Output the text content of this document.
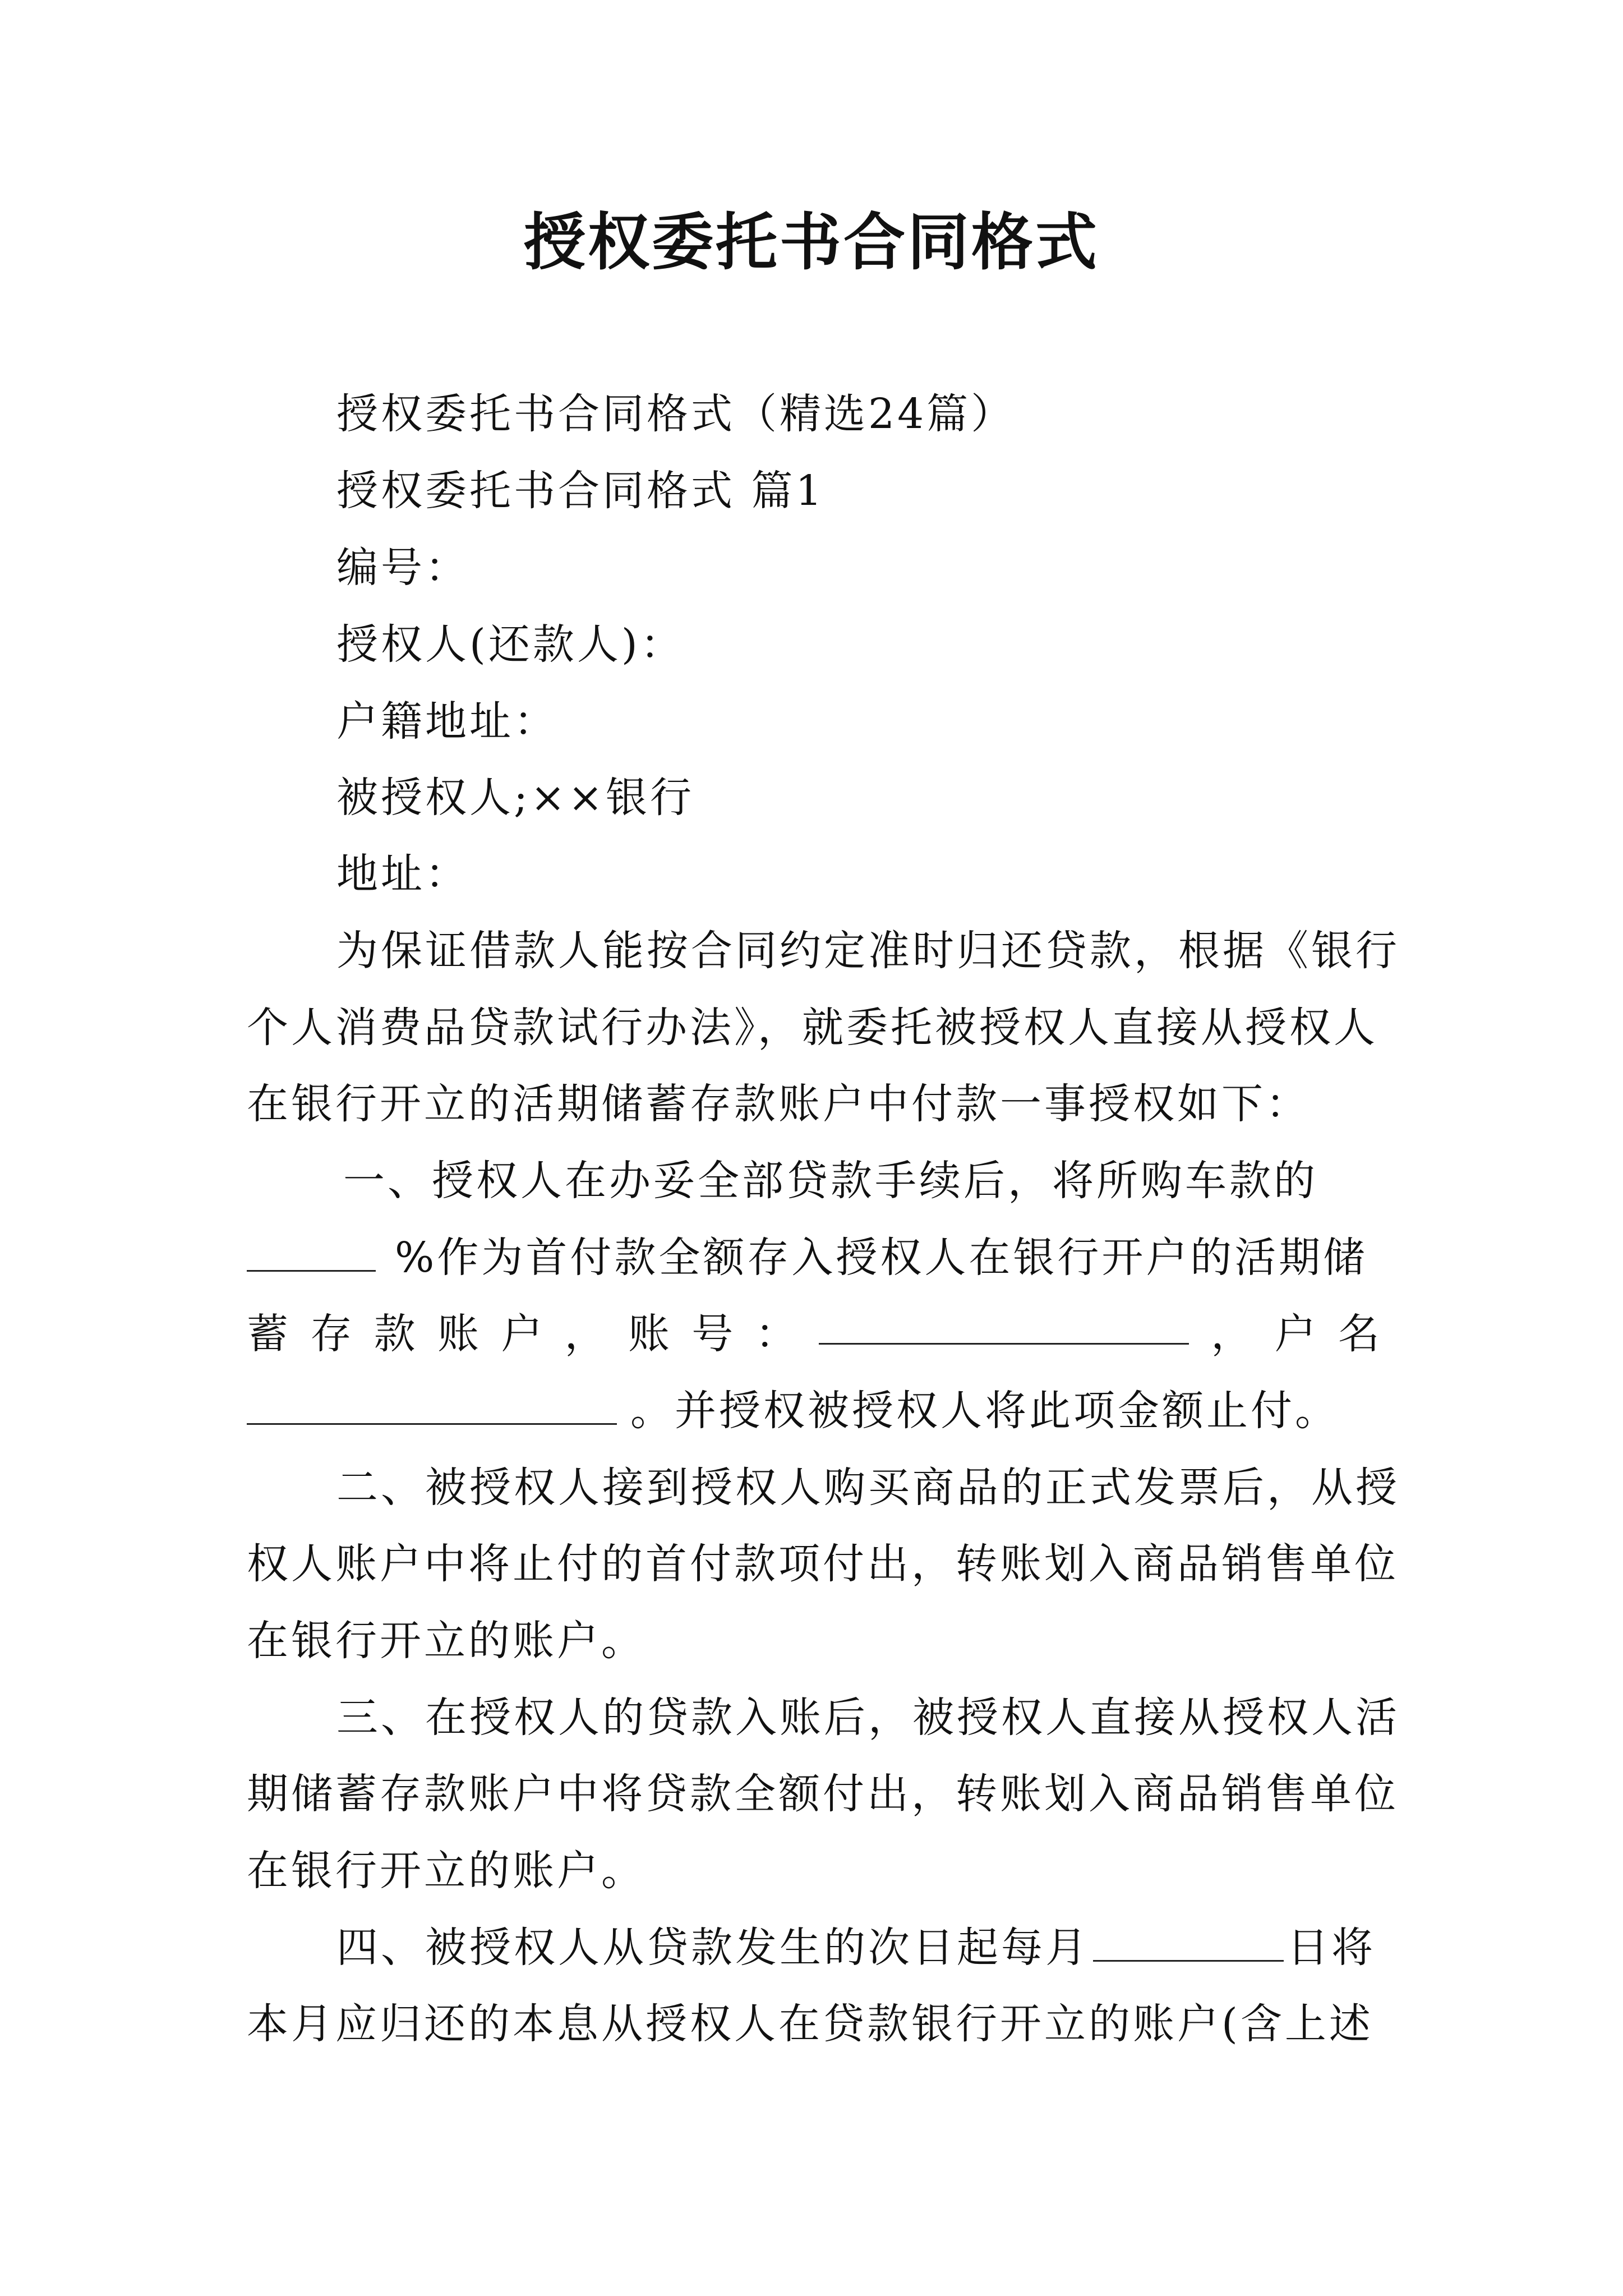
授权委托书合同格式
授权委托书合同格式（精选24篇）
授权委托书合同格式 篇1
编号：
授权人(还款人)：
户籍地址：
被授权人;××银行
地址：
为保证借款人能按合同约定准时归还贷款，根据《银行
个人消费品贷款试行办法》，就委托被授权人直接从授权人
在银行开立的活期储蓄存款账户中付款一事授权如下：
一、授权人在办妥全部贷款手续后，将所购车款的
%作为首付款全额存入授权人在银行开户的活期储
蓄 存 款 账 户 ， 账 号 ：	， 户 名
。并授权被授权人将此项金额止付。
二、被授权人接到授权人购买商品的正式发票后，从授
权人账户中将止付的首付款项付出，转账划入商品销售单位
在银行开立的账户。
三、在授权人的贷款入账后，被授权人直接从授权人活
期储蓄存款账户中将贷款全额付出，转账划入商品销售单位
在银行开立的账户。
四、被授权人从贷款发生的次日起每月	日将
本月应归还的本息从授权人在贷款银行开立的账户(含上述
